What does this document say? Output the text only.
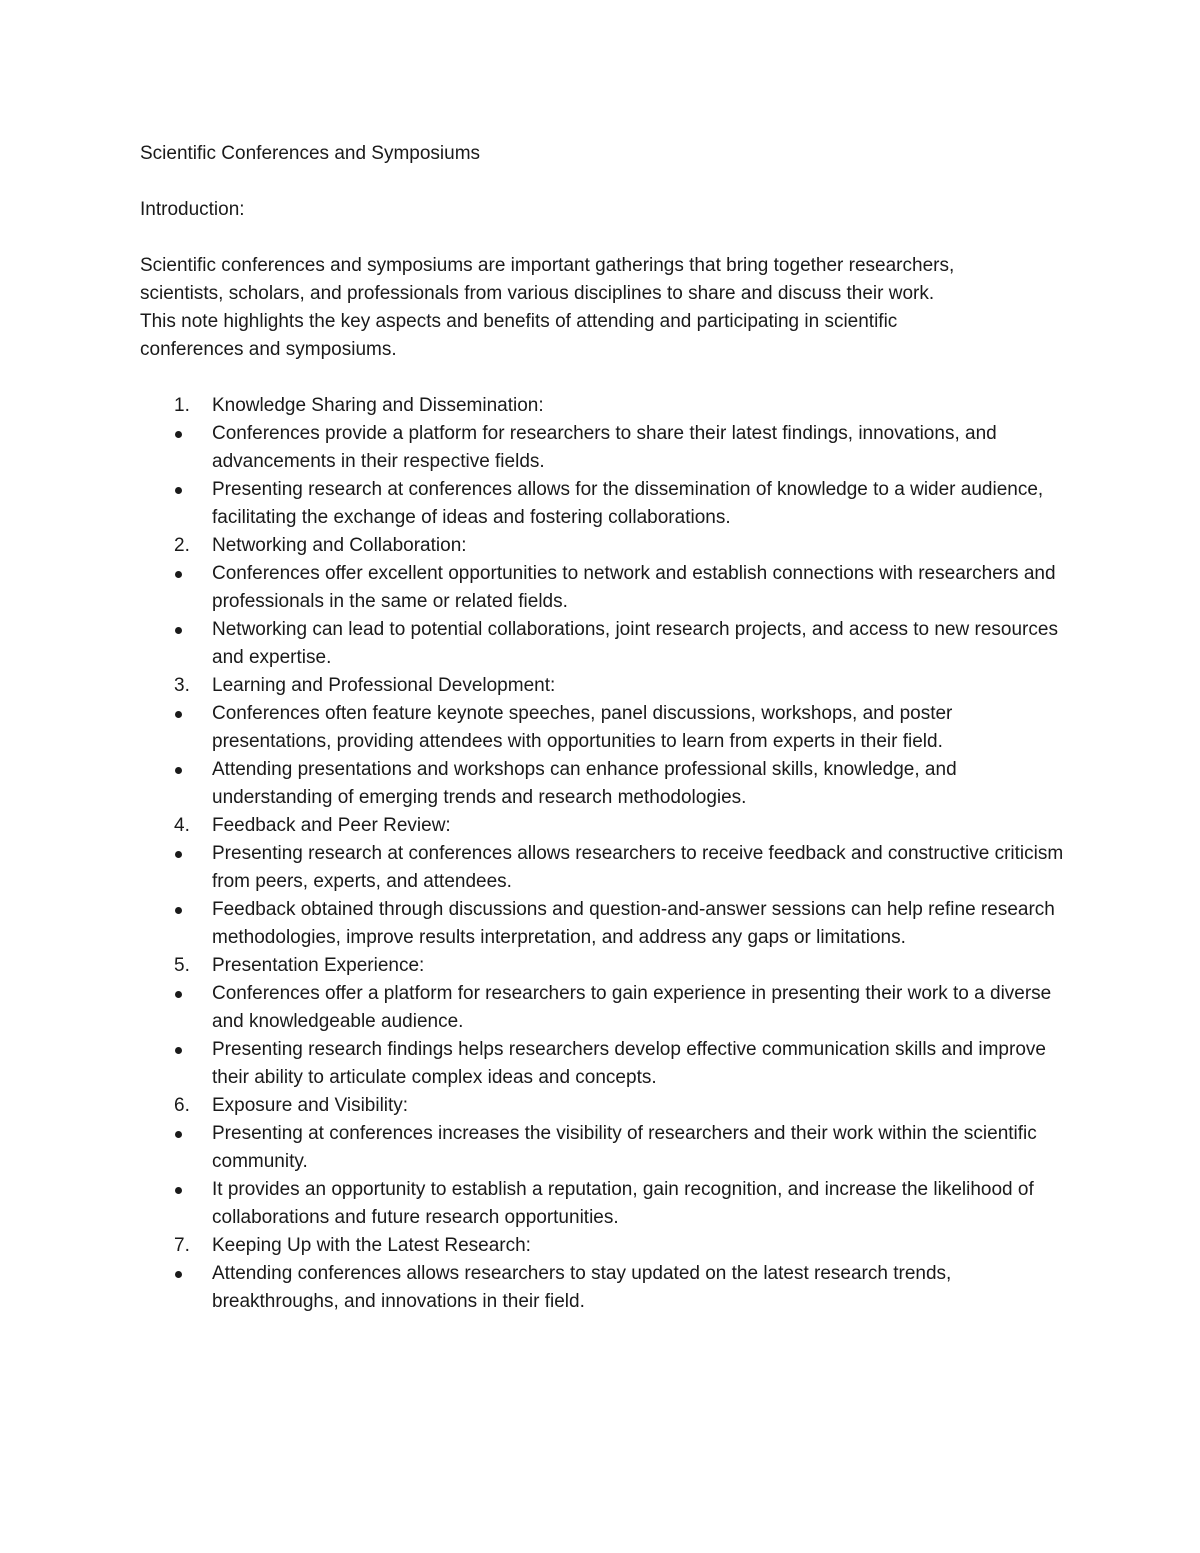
Scientific Conferences and Symposiums
Introduction:

Scientific conferences and symposiums are important gatherings that bring together researchers, scientists, scholars, and professionals from various disciplines to share and discuss their work. This note highlights the key aspects and benefits of attending and participating in scientific conferences and symposiums.

1.	Knowledge Sharing and Dissemination:
Conferences provide a platform for researchers to share their latest findings, innovations, and advancements in their respective fields.
Presenting research at conferences allows for the dissemination of knowledge to a wider audience, facilitating the exchange of ideas and fostering collaborations.
2.	Networking and Collaboration:
Conferences offer excellent opportunities to network and establish connections with researchers and professionals in the same or related fields.
Networking can lead to potential collaborations, joint research projects, and access to new resources and expertise.
3.	Learning and Professional Development:
Conferences often feature keynote speeches, panel discussions, workshops, and poster presentations, providing attendees with opportunities to learn from experts in their field.
Attending presentations and workshops can enhance professional skills, knowledge, and understanding of emerging trends and research methodologies.
4.	Feedback and Peer Review:
Presenting research at conferences allows researchers to receive feedback and constructive criticism from peers, experts, and attendees.
Feedback obtained through discussions and question-and-answer sessions can help refine research methodologies, improve results interpretation, and address any gaps or limitations.
5.	Presentation Experience:
Conferences offer a platform for researchers to gain experience in presenting their work to a diverse and knowledgeable audience.
Presenting research findings helps researchers develop effective communication skills and improve their ability to articulate complex ideas and concepts.
6.	Exposure and Visibility:
Presenting at conferences increases the visibility of researchers and their work within the scientific community.
It provides an opportunity to establish a reputation, gain recognition, and increase the likelihood of collaborations and future research opportunities.
7.	Keeping Up with the Latest Research:
Attending conferences allows researchers to stay updated on the latest research trends, breakthroughs, and innovations in their field.
